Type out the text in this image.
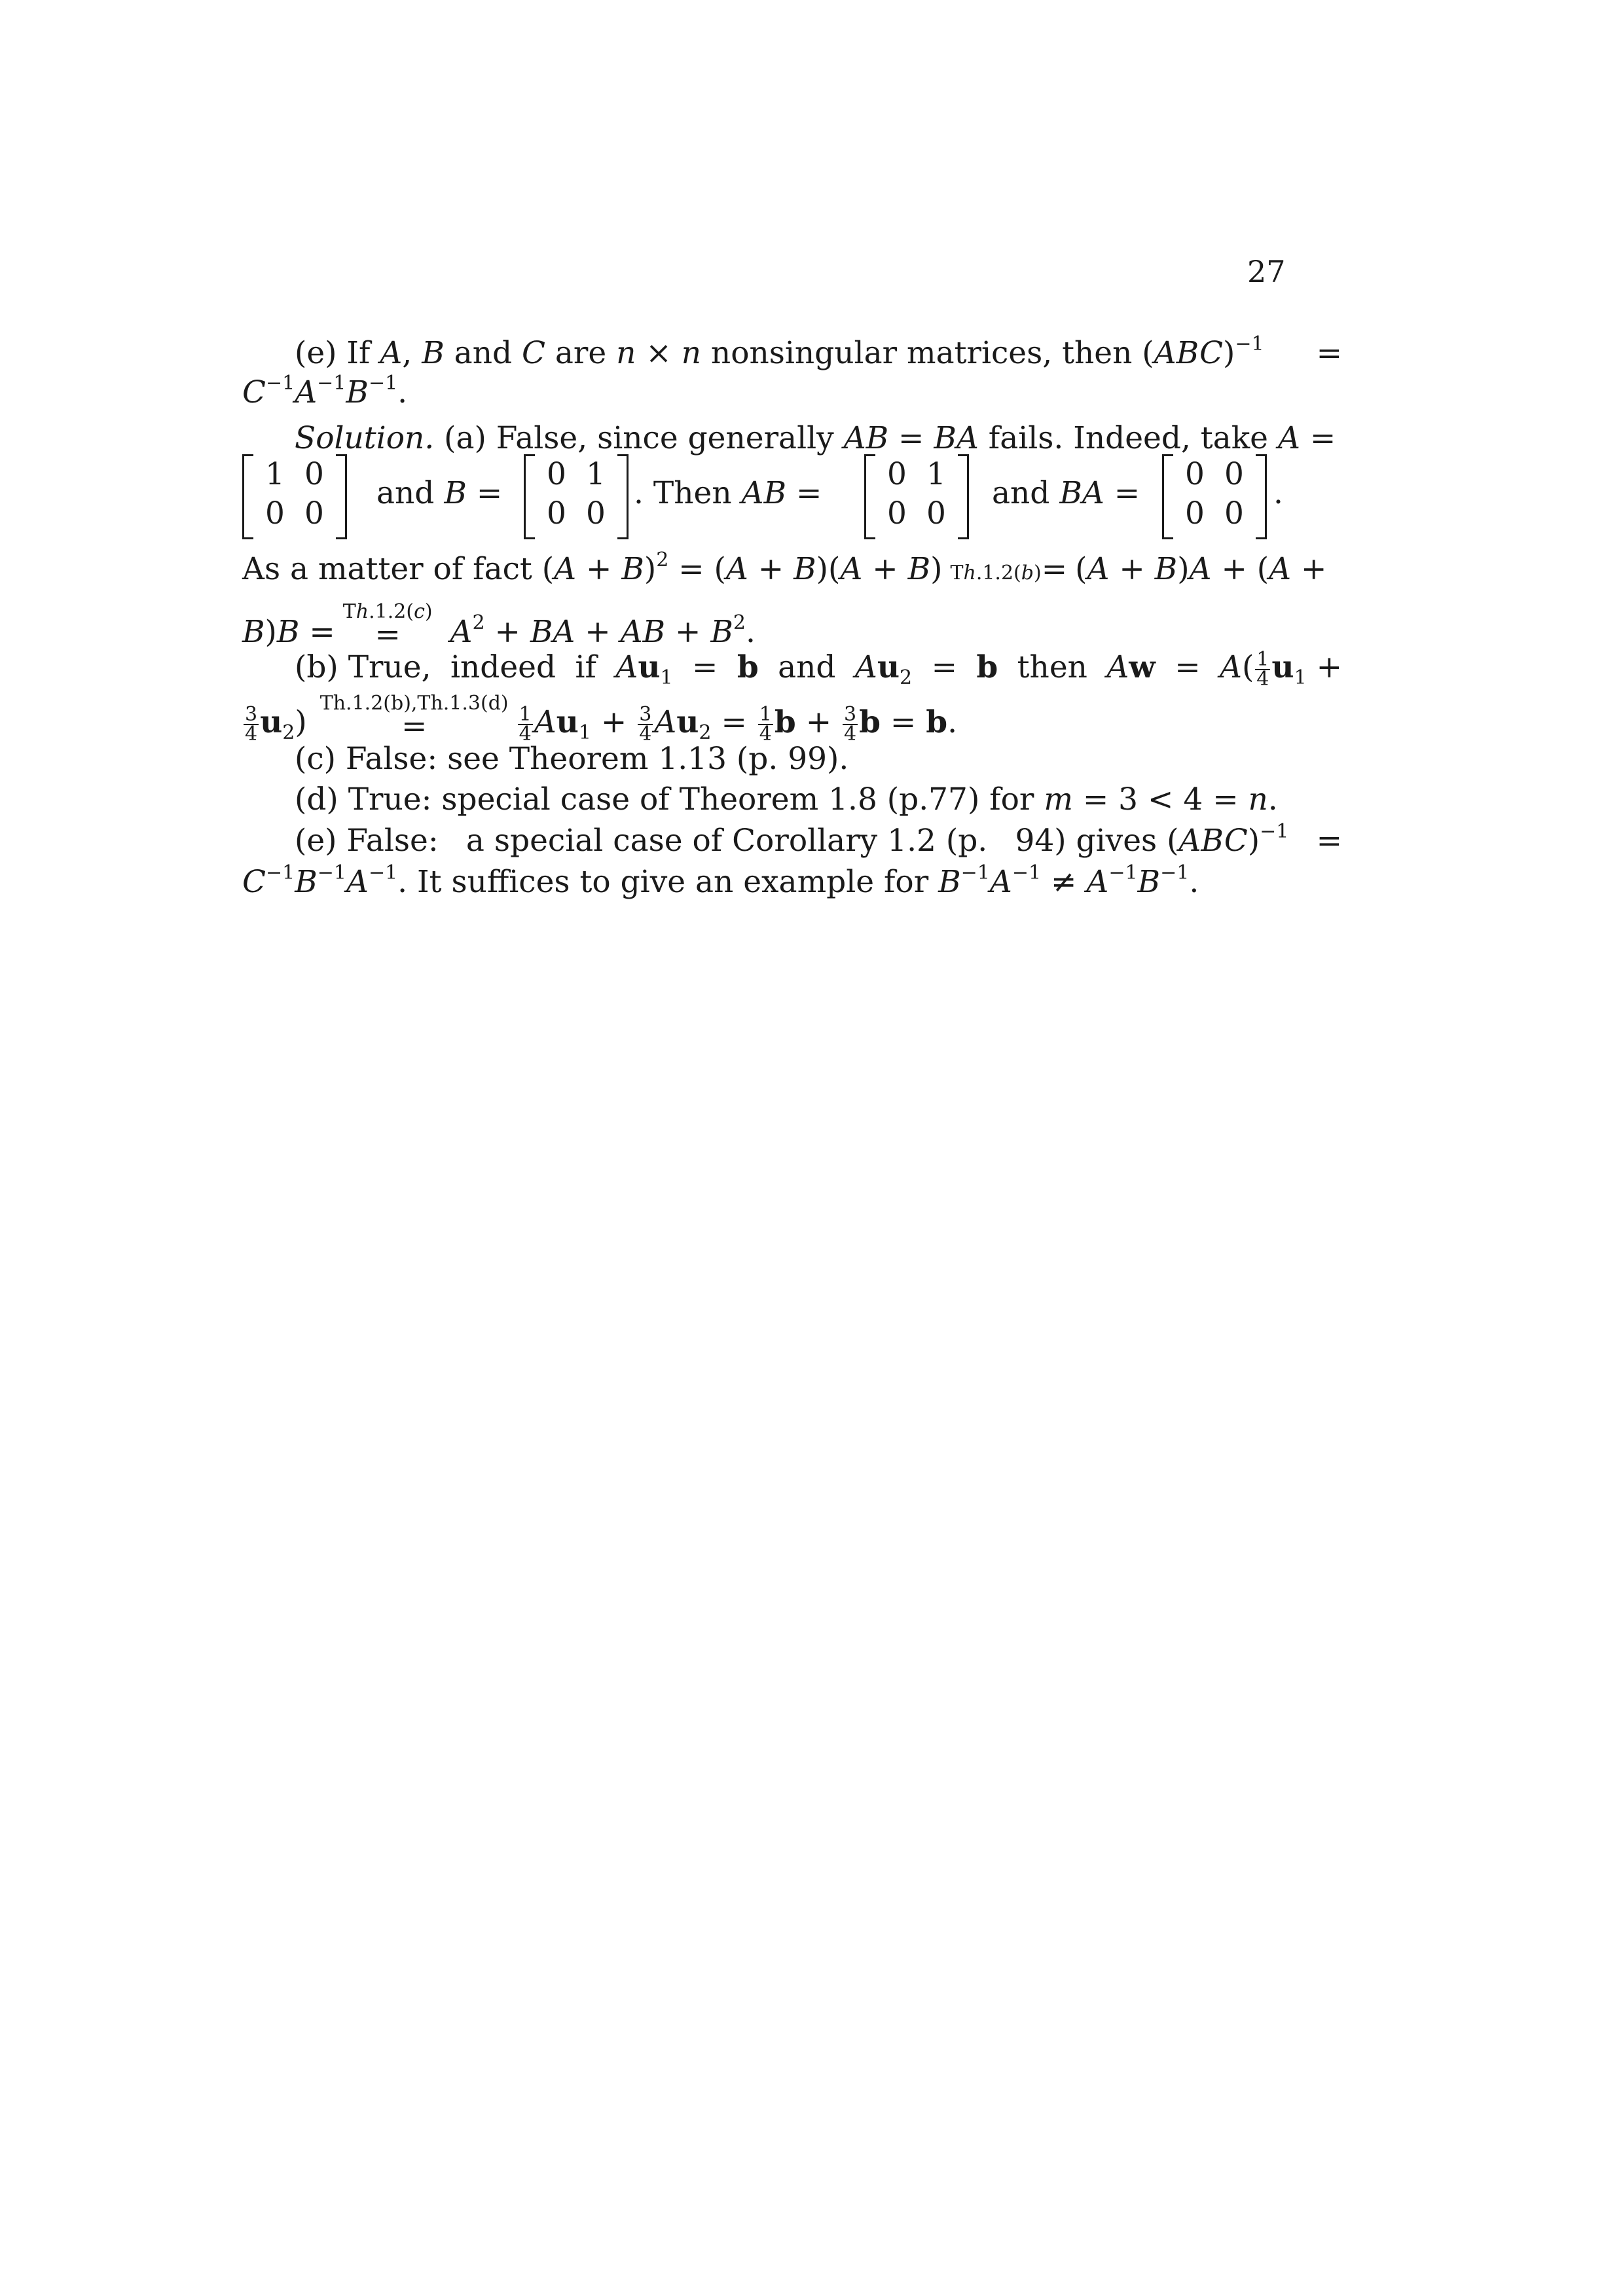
27
(e) If A, B and C are n × n nonsingular matrices, then (ABC)$^{-1}$ =
$C^{-1}A^{-1}B^{-1}$.
Solution. (a) False, since generally AB = BA fails. Indeed, take A =
1 0
0 0
and B =
0 1
0 0
. Then AB =
0 1
0 0
and BA =
0 0
0 0
.
As a matter of fact $(A + B)^2 = (A + B)(A + B)$ Th.1.2(b)= (A + B)A + (A +
B)B =
Th.1.2(c)
= $A^2$ + BA + AB + $B^2$.
(b) True, indeed if $Au_1 = b$ and $Au_2 = b$ then $Aw = A( \frac{1}{4} u_1$ +
$\frac{3}{4} u_2$)
Th.1.2(b),Th.1.3(d)
=	$\frac{1}{4} Au_1 + \frac{3}{4} Au_2 = \frac{1}{4}$ $b + \frac{3}{4}$ b = b.
(c) False: see Theorem 1.13 (p. 99).
(d) True: special case of Theorem 1.8 (p.77) for m = 3 < 4 = n.
(e) False: a special case of Corollary 1.2 (p. 94) gives (ABC)$^{-1}$ =
$C^{-1}B^{-1}A^{-1}$. It suffices to give an example for $B^{-1}A^{-1} \ne A^{-1}B^{-1}$.
